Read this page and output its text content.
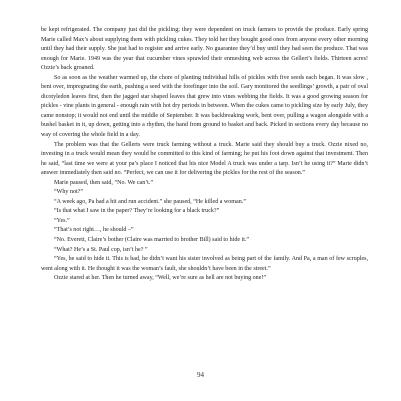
be kept refrigerated. The company just did the pickling; they were dependent on truck farmers to provide the produce. Early spring Marie called Max’s about supplying them with pickling cukes. They told her they bought good ones from anyone every other morning until they had their supply. She just had to register and arrive early. No guarantee they’d buy until they had seen the produce. That was enough for Marie. 1949 was the year that cucumber vines sprawled their enmeshing web across the Gellert’s fields. Thirteen acres! Ozzie’s back groaned.

So as soon as the weather warmed up, the chore of planting individual hills of pickles with five seeds each began. It was slow , bent over, impregnating the earth, pushing a seed with the forefinger into the soil. Gary monitored the seedlings’ growth, a pair of oval dicotyledon leaves first, then the jagged star shaped leaves that grew into vines webbing the fields. It was a good growing season for pickles - vine plants in general - enough rain with hot dry periods in between. When the cukes came to pickling size by early July, they came nonstop; it would not end until the middle of September. It was backbreaking work, bent over, pulling a wagon alongside with a bushel basket in it, up down, getting into a rhythm, the hand from ground to basket and back. Picked in sections every day because no way of covering the whole field in a day.

The problem was that the Gellerts were truck farming without a truck. Marie said they should buy a truck. Ozzie nixed no, investing in a truck would mean they would be committed to this kind of farming; he put his foot down against that investment. Then he said, “last time we were at your pa’s place I noticed that his nice Model A truck was under a tarp. Isn’t he using it?” Marie didn’t answer immediately then said no. “Perfect, we can use it for delivering the pickles for the rest of the season.”

Marie paused, then said, “No. We can’t.”

“Why not?”

“A week ago, Pa had a hit and run accident.” she paused, “He killed a woman.”

“Is that what I saw in the paper? They’re looking for a black truck?”

“Yes.”

“That’s not right…, he should –”

“No. Everett, Claire’s bother (Claire was married to brother Bill) said to hide it.”

“What? He’s a St. Paul cop, isn’t he? ”

“Yes, he said to hide it. This is bad, he didn’t want his sister involved as being part of the family. And Pa, a man of few scruples, went along with it. He thought it was the woman’s fault, she shouldn’t have been in the street.”

Ozzie stared at her. Then he turned away, “Well, we’re sure as hell are not buying one!”

94
